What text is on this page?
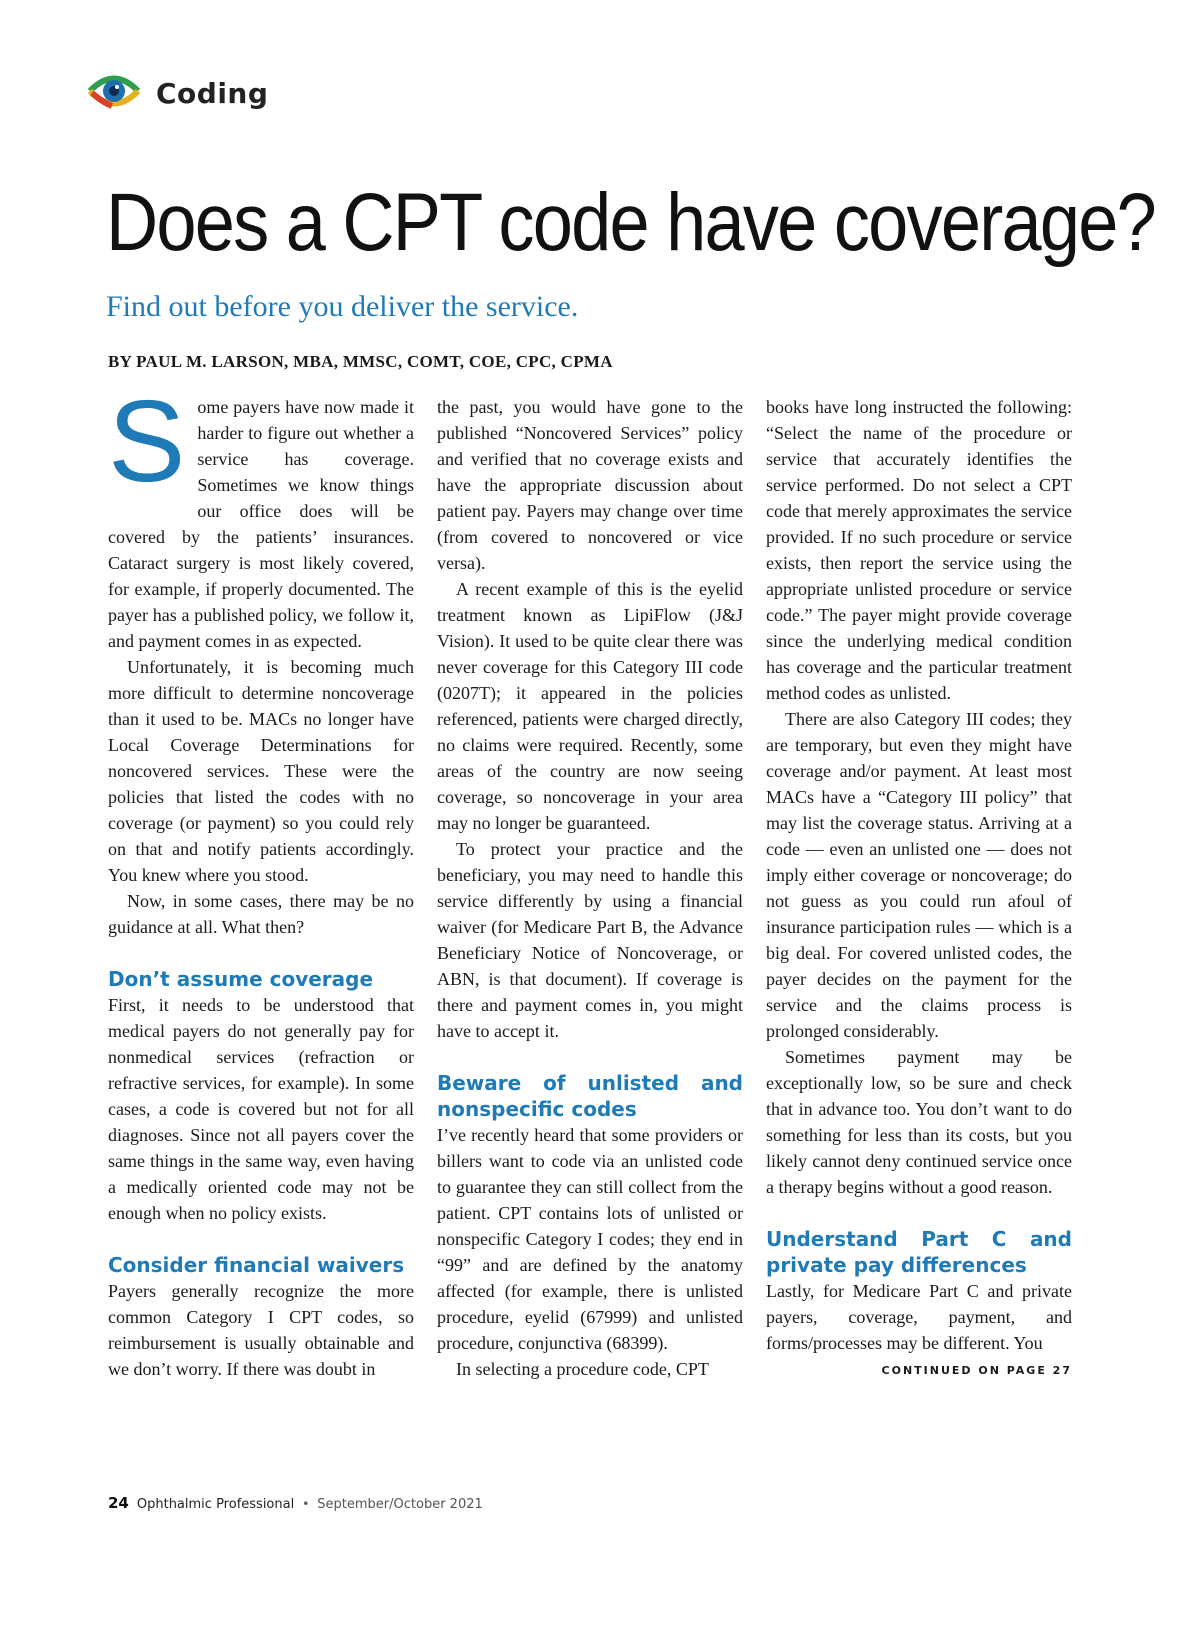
Coding
Does a CPT code have coverage?
Find out before you deliver the service.
BY PAUL M. LARSON, MBA, MMSC, COMT, COE, CPC, CPMA
S ome payers have now made it harder to figure out whether a service has coverage. Sometimes we know things our office does will be covered by the patients’ insurances. Cataract surgery is most likely covered, for example, if properly documented. The payer has a published policy, we follow it, and payment comes in as expected.

Unfortunately, it is becoming much more difficult to determine noncoverage than it used to be. MACs no longer have Local Coverage Determinations for noncovered services. These were the policies that listed the codes with no coverage (or payment) so you could rely on that and notify patients accordingly. You knew where you stood.

Now, in some cases, there may be no guidance at all. What then?

Don’t assume coverage

First, it needs to be understood that medical payers do not generally pay for nonmedical services (refraction or refractive services, for example). In some cases, a code is covered but not for all diagnoses. Since not all payers cover the same things in the same way, even having a medically oriented code may not be enough when no policy exists.

Consider financial waivers

Payers generally recognize the more common Category I CPT codes, so reimbursement is usually obtainable and we don’t worry. If there was doubt in

the past, you would have gone to the published “Noncovered Services” policy and verified that no coverage exists and have the appropriate discussion about patient pay. Payers may change over time (from covered to noncovered or vice versa).

A recent example of this is the eyelid treatment known as LipiFlow (J&J Vision). It used to be quite clear there was never coverage for this Category III code (0207T); it appeared in the policies referenced, patients were charged directly, no claims were required. Recently, some areas of the country are now seeing coverage, so noncoverage in your area may no longer be guaranteed.

To protect your practice and the beneficiary, you may need to handle this service differently by using a financial waiver (for Medicare Part B, the Advance Beneficiary Notice of Noncoverage, or ABN, is that document). If coverage is there and payment comes in, you might have to accept it.

Beware of unlisted and nonspecific codes

I’ve recently heard that some providers or billers want to code via an unlisted code to guarantee they can still collect from the patient. CPT contains lots of unlisted or nonspecific Category I codes; they end in “99” and are defined by the anatomy affected (for example, there is unlisted procedure, eyelid (67999) and unlisted procedure, conjunctiva (68399).

In selecting a procedure code, CPT

books have long instructed the following: “Select the name of the procedure or service that accurately identifies the service performed. Do not select a CPT code that merely approximates the service provided. If no such procedure or service exists, then report the service using the appropriate unlisted procedure or service code.” The payer might provide coverage since the underlying medical condition has coverage and the particular treatment method codes as unlisted.

There are also Category III codes; they are temporary, but even they might have coverage and/or payment. At least most MACs have a “Category III policy” that may list the coverage status. Arriving at a code — even an unlisted one — does not imply either coverage or noncoverage; do not guess as you could run afoul of insurance participation rules — which is a big deal. For covered unlisted codes, the payer decides on the payment for the service and the claims process is prolonged considerably.

Sometimes payment may be exceptionally low, so be sure and check that in advance too. You don’t want to do something for less than its costs, but you likely cannot deny continued service once a therapy begins without a good reason.

Understand Part C and private pay differences

Lastly, for Medicare Part C and private payers, coverage, payment, and forms/processes may be different. You

CONTINUED ON PAGE 27
24 Ophthalmic Professional • September/October 2021
